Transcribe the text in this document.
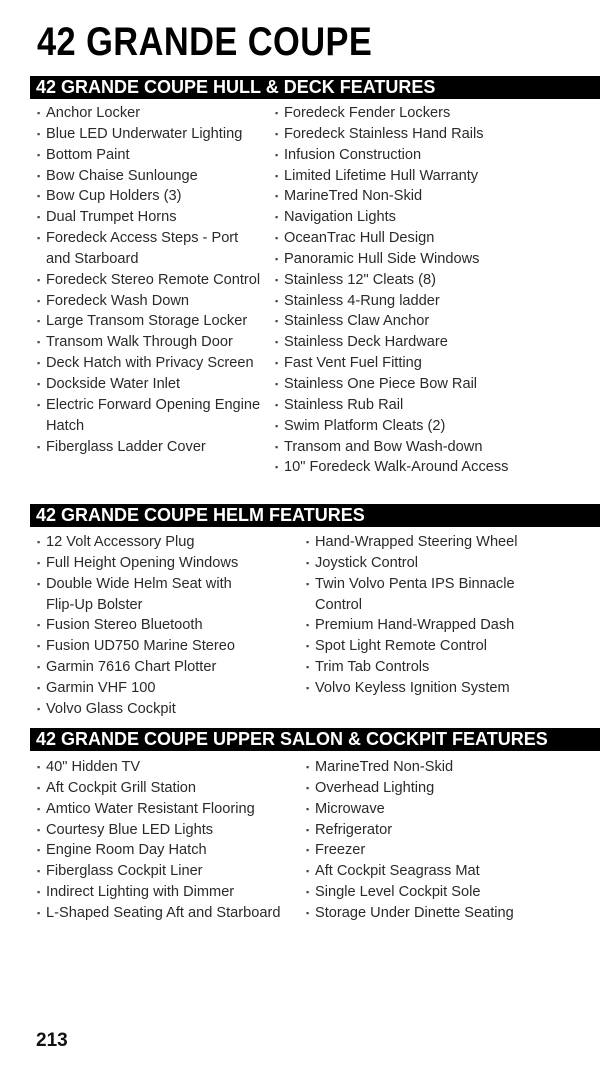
42 GRANDE COUPE
42 GRANDE COUPE HULL & DECK FEATURES
▪ Anchor Locker
▪ Blue LED Underwater Lighting
▪ Bottom Paint
▪ Bow Chaise Sunlounge
▪ Bow Cup Holders (3)
▪ Dual Trumpet Horns
▪ Foredeck Access Steps - Port and Starboard
▪ Foredeck Stereo Remote Control
▪ Foredeck Wash Down
▪ Large Transom Storage Locker
▪ Transom Walk Through Door
▪ Deck Hatch with Privacy Screen
▪ Dockside Water Inlet
▪ Electric Forward Opening Engine Hatch
▪ Fiberglass Ladder Cover
▪ Foredeck Fender Lockers
▪ Foredeck Stainless Hand Rails
▪ Infusion Construction
▪ Limited Lifetime Hull Warranty
▪ MarineTred Non-Skid
▪ Navigation Lights
▪ OceanTrac Hull Design
▪ Panoramic Hull Side Windows
▪ Stainless 12" Cleats (8)
▪ Stainless 4-Rung ladder
▪ Stainless Claw Anchor
▪ Stainless Deck Hardware
▪ Fast Vent Fuel Fitting
▪ Stainless One Piece Bow Rail
▪ Stainless Rub Rail
▪ Swim Platform Cleats (2)
▪ Transom and Bow Wash-down
▪ 10" Foredeck Walk-Around Access
42 GRANDE COUPE HELM FEATURES
▪ 12 Volt Accessory Plug
▪ Full Height Opening Windows
▪ Double Wide Helm Seat with Flip-Up Bolster
▪ Fusion Stereo Bluetooth
▪ Fusion UD750 Marine Stereo
▪ Garmin 7616 Chart Plotter
▪ Garmin VHF 100
▪ Volvo Glass Cockpit
▪ Hand-Wrapped Steering Wheel
▪ Joystick Control
▪ Twin Volvo Penta IPS Binnacle Control
▪ Premium Hand-Wrapped Dash
▪ Spot Light Remote Control
▪ Trim Tab Controls
▪ Volvo Keyless Ignition System
42 GRANDE COUPE UPPER SALON & COCKPIT FEATURES
▪ 40" Hidden TV
▪ Aft Cockpit Grill Station
▪ Amtico Water Resistant Flooring
▪ Courtesy Blue LED Lights
▪ Engine Room Day Hatch
▪ Fiberglass Cockpit Liner
▪ Indirect Lighting with Dimmer
▪ L-Shaped Seating Aft and Starboard
▪ MarineTred Non-Skid
▪ Overhead Lighting
▪ Microwave
▪ Refrigerator
▪ Freezer
▪ Aft Cockpit Seagrass Mat
▪ Single Level Cockpit Sole
▪ Storage Under Dinette Seating
213
